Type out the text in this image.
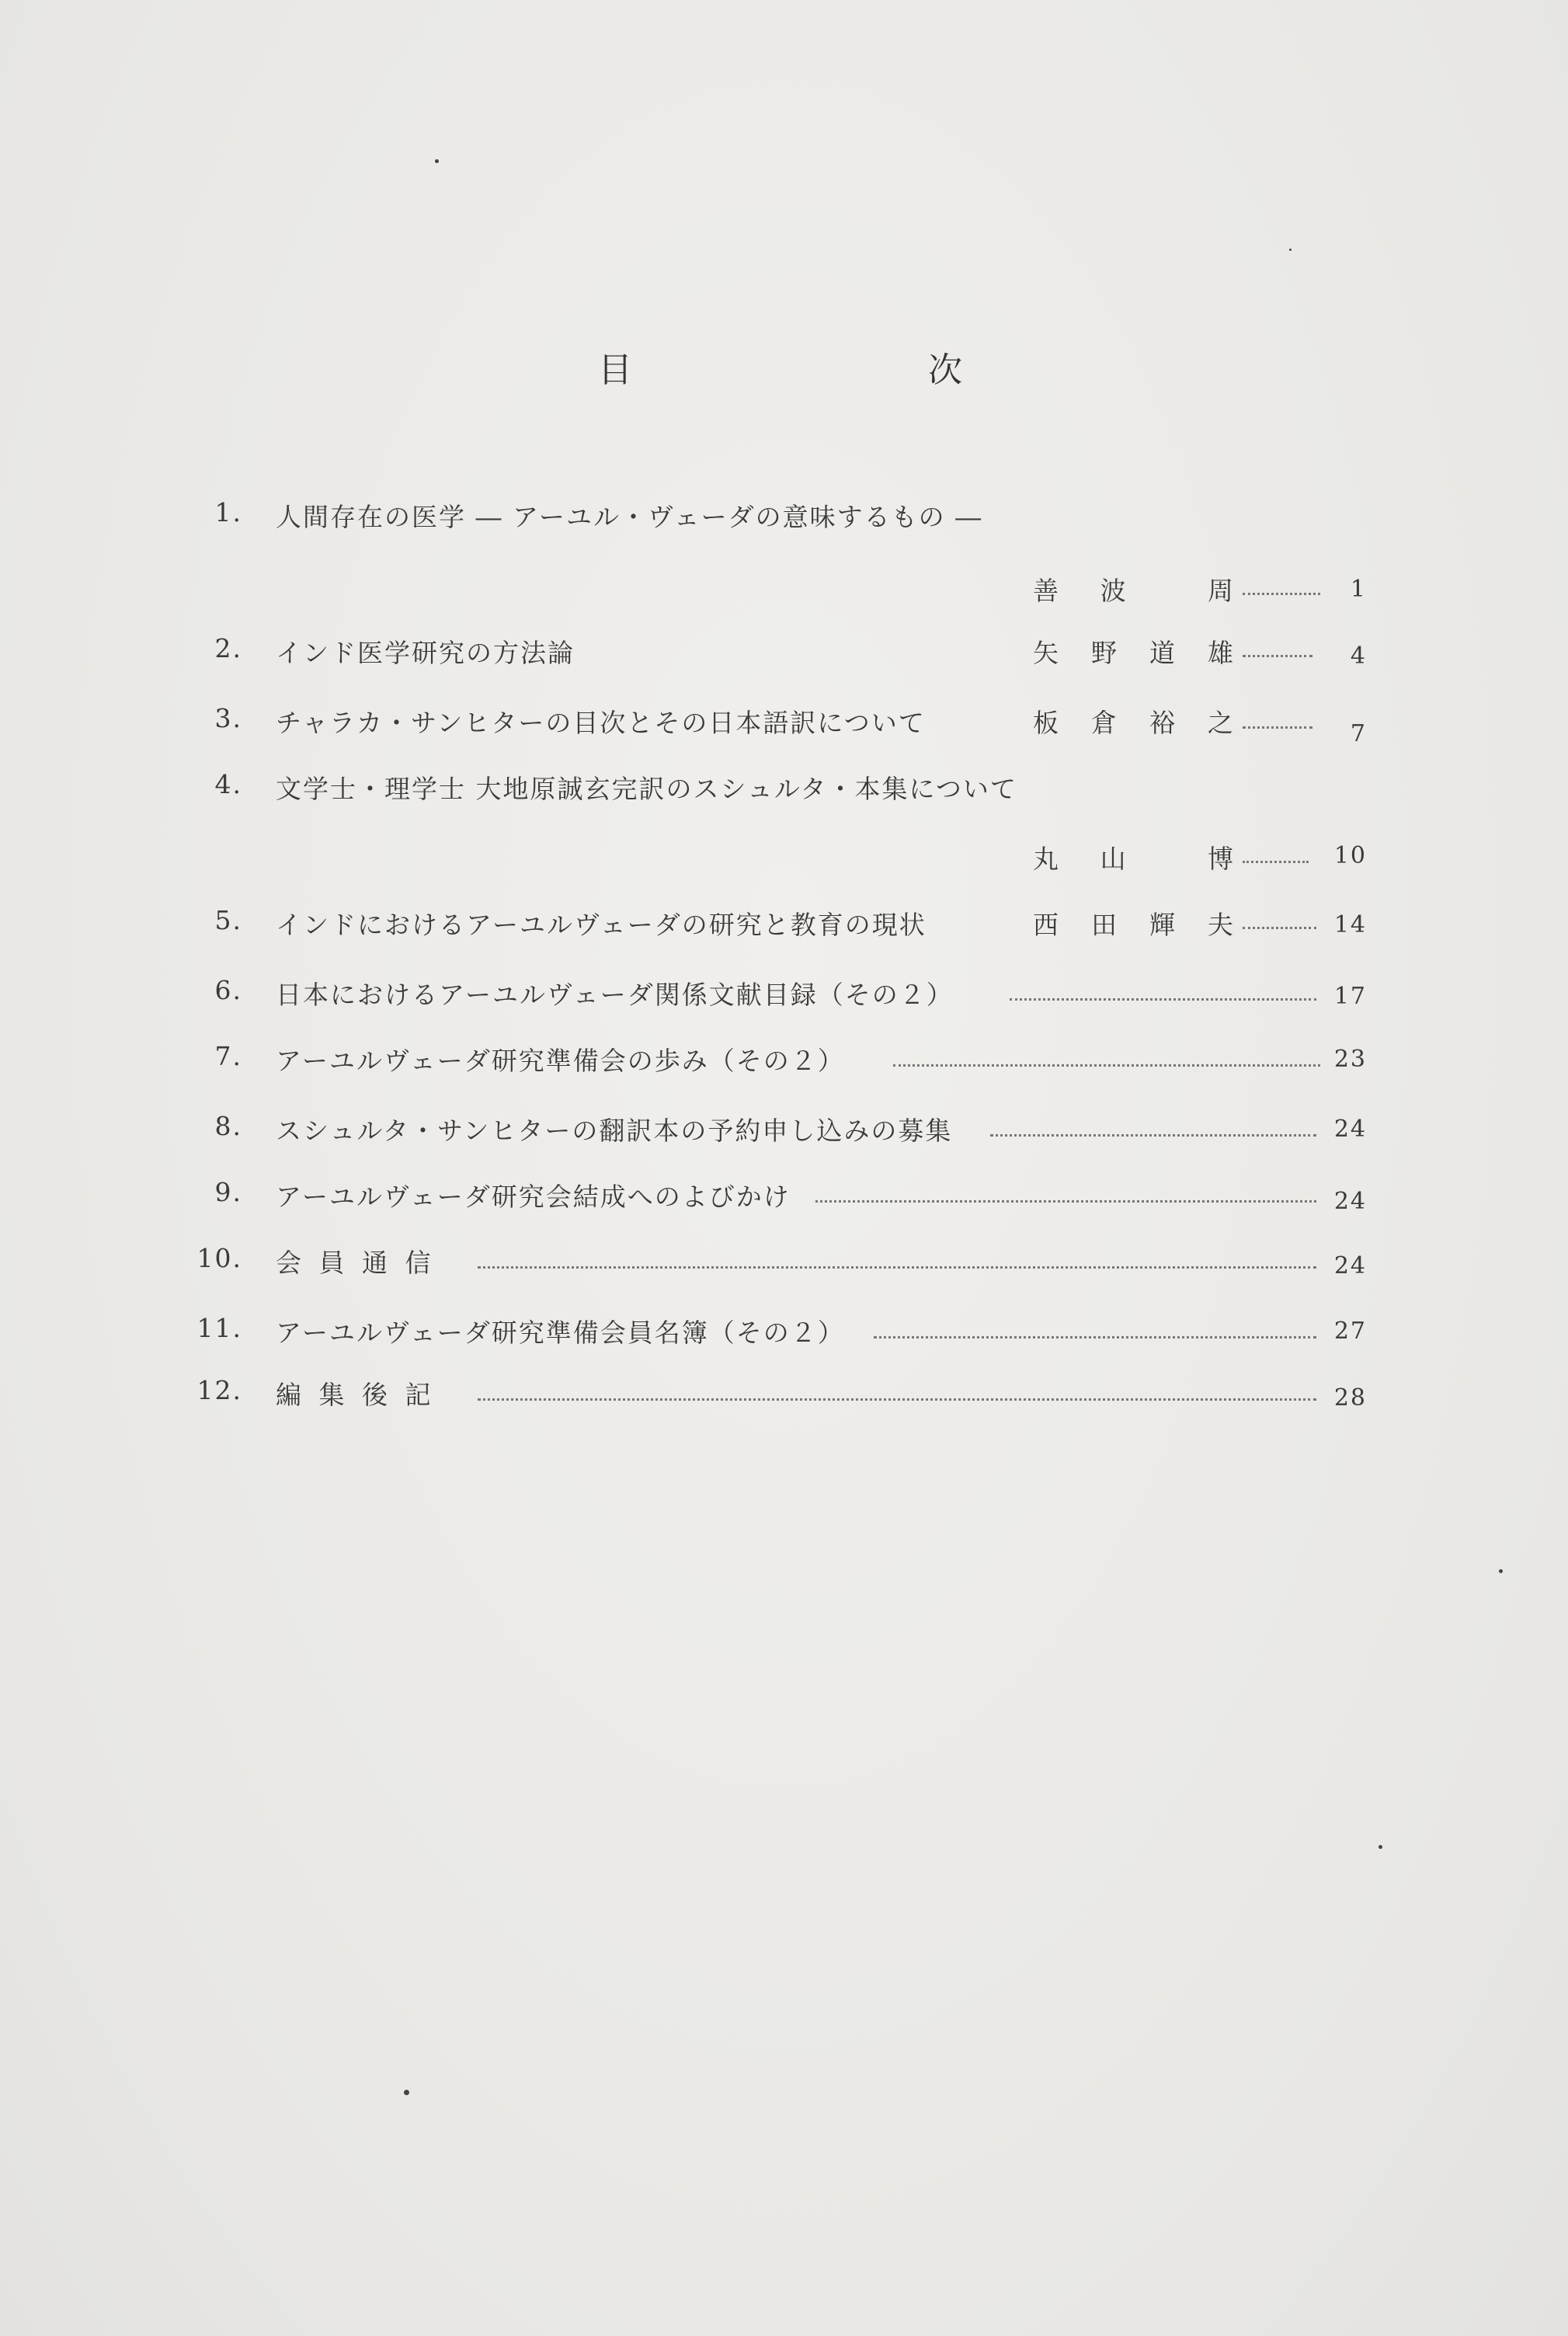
目	次
1. 人間存在の医学 ― アーユル・ヴェーダの意味するもの ―
善 波	周	1
2. インド医学研究の方法論	矢 野 道 雄	4
3. チャラカ・サンヒターの目次とその日本語訳について	板 倉 裕 之	7
4. 文学士・理学士 大地原誠玄完訳のスシュルタ・本集について
丸 山	博	10
5. インドにおけるアーユルヴェーダの研究と教育の現状	西 田 輝 夫	14
6. 日本におけるアーユルヴェーダ関係文献目録（その２）	17
7. アーユルヴェーダ研究準備会の歩み（その２）	23
8. スシュルタ・サンヒターの翻訳本の予約申し込みの募集	24
9. アーユルヴェーダ研究会結成へのよびかけ	24
10. 会 員 通 信	24
11. アーユルヴェーダ研究準備会員名簿（その２）	27
12. 編 集 後 記	28
